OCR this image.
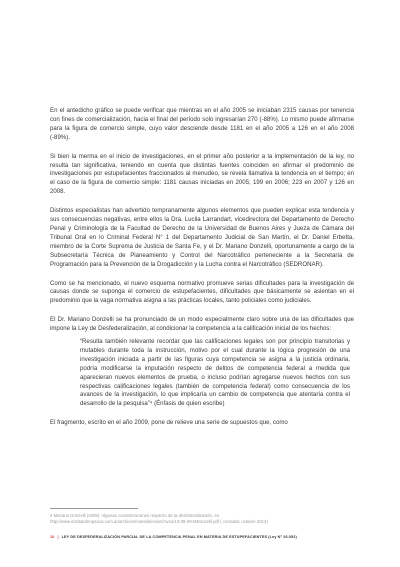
En el antedicho gráfico se puede verificar que mientras en el año 2005 se iniciaban 2315 causas por tenencia con fines de comercialización, hacia el final del período solo ingresarían 270 (-88%). Lo mismo puede afirmarse para la figura de comercio simple, cuyo valor desciende desde 1181 en el año 2005 a 126 en el año 2008 (-89%).

Si bien la merma en el inicio de investigaciones, en el primer año posterior a la implementación de la ley, no resulta tan significativa, teniendo en cuenta que distintas fuentes coinciden en afirmar el predominio de investigaciones por estupefacientes fraccionados al menudeo, se revela llamativa la tendencia en el tiempo; en el caso de la figura de comercio simple: 1181 causas iniciadas en 2005; 199 en 2006; 223 en 2007 y 126 en 2008.

Distintos especialistas han advertido tempranamente algunos elementos que pueden explicar esta tendencia y sus consecuencias negativas, entre ellos la Dra. Lucila Larrandart, vicedirectora del Departamento de Derecho Penal y Criminología de la Facultad de Derecho de la Universidad de Buenos Aires y Jueza de Cámara del Tribunal Oral en lo Criminal Federal N° 1 del Departamento Judicial de San Martín, el Dr. Daniel Erbetta, miembro de la Corte Suprema de Justicia de Santa Fe, y el Dr. Mariano Donzelli, oportunamente a cargo de la Subsecretaría Técnica de Planeamiento y Control del Narcotráfico perteneciente a la Secretaría de Programación para la Prevención de la Drogadicción y la Lucha contra el Narcotráfico (SEDRONAR).

Como se ha mencionado, el nuevo esquema normativo promueve serias dificultades para la investigación de causas donde se suponga el comercio de estupefacientes, dificultades que básicamente se asientan en el predominio que la vaga normativa asigna a las prácticas locales, tanto policiales como judiciales.

El Dr. Mariano Donzelli se ha pronunciado de un modo especialmente claro sobre una de las dificultades que impone la Ley de Desfederalización, al condicionar la competencia a la calificación inicial de los hechos:

“Resulta también relevante recordar que las calificaciones legales son por principio transitorias y mutables durante toda la instrucción, motivo por el cual durante la lógica progresión de una investigación iniciada a partir de las figuras cuya competencia se asigna a la justicia ordinaria, podría modificarse la imputación respecto de delitos de competencia federal a medida que aparecieran nuevos elementos de prueba, o incluso podrían agregarse nuevos hechos con sus respectivas calificaciones legales (también de competencia federal) como consecuencia de los avances de la investigación, lo que implicaría un cambio de competencia que atentaría contra el desarrollo de la pesquisa”⁴ (Énfasis de quien escribe)

El fragmento, escrito en el año 2009, pone de relieve una serie de supuestos que, como

4 Mariano Donzelli (2009): Algunas consideraciones respecto de la desfederalización, en http://www.institutofenparica.com.ar/archivos/noesdeleo/archivos/13-09-09-MDonzelli.pdf ( consulta: octubre 2013)
10 | LEY DE DESFEDERALIZACIÓN PARCIAL DE LA COMPETENCIA PENAL EN MATERIA DE ESTUPEFACIENTES (Ley N° 26.052)
